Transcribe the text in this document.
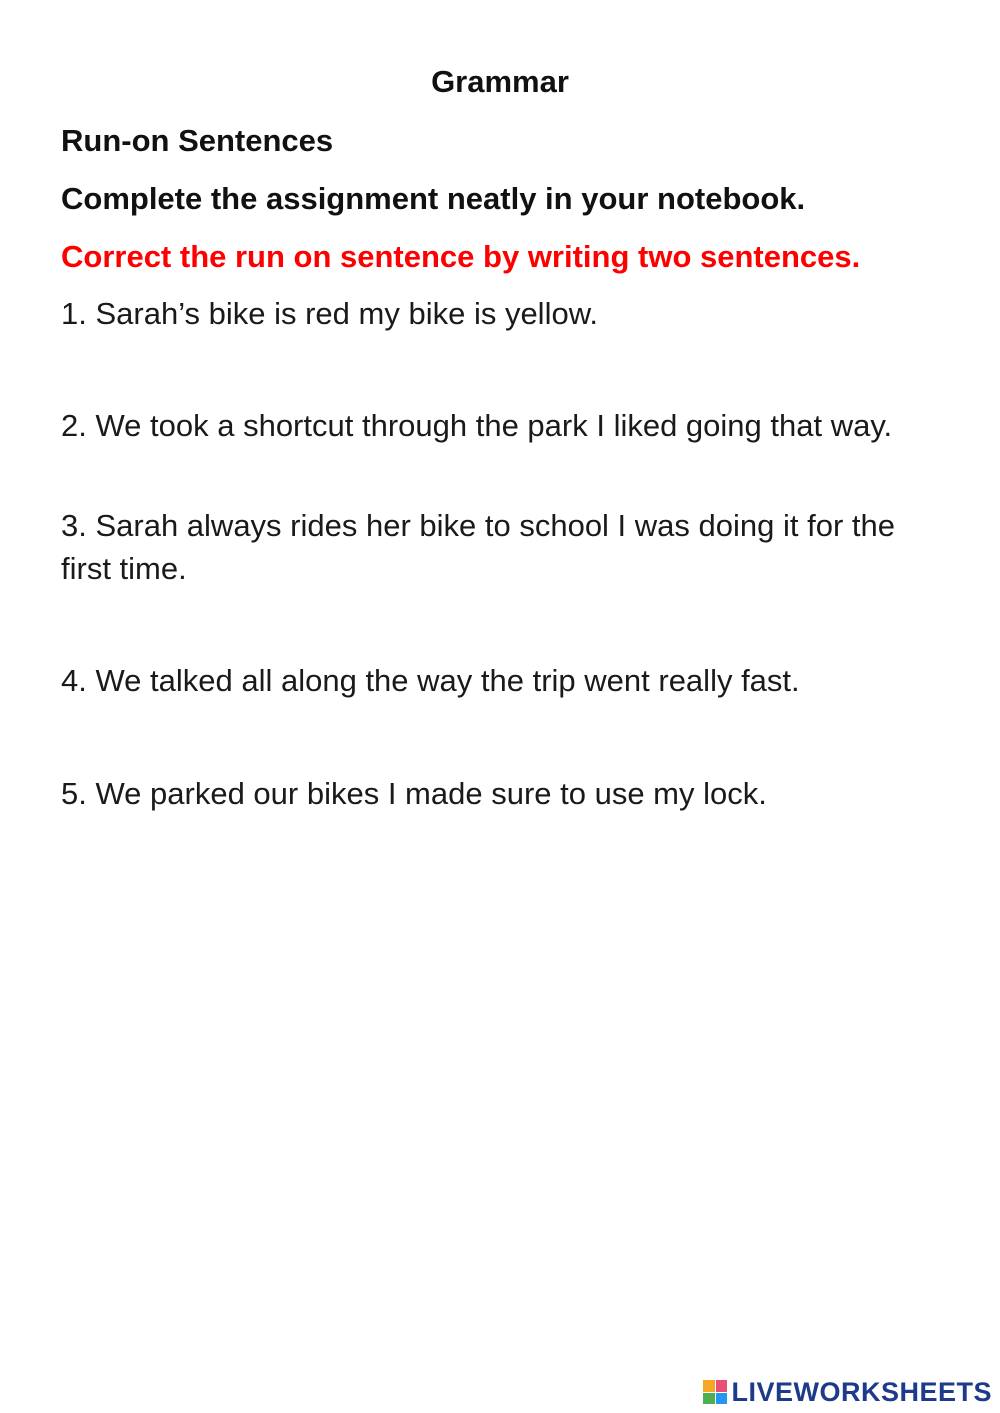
Grammar
Run-on Sentences
Complete the assignment neatly in your notebook.
Correct the run on sentence by writing two sentences.
1. Sarah’s bike is red my bike is yellow.
2. We took a shortcut through the park I liked going that way.
3. Sarah always rides her bike to school I was doing it for the first time.
4. We talked all along the way the trip went really fast.
5. We parked our bikes I made sure to use my lock.
LIVEWORKSHEETS
